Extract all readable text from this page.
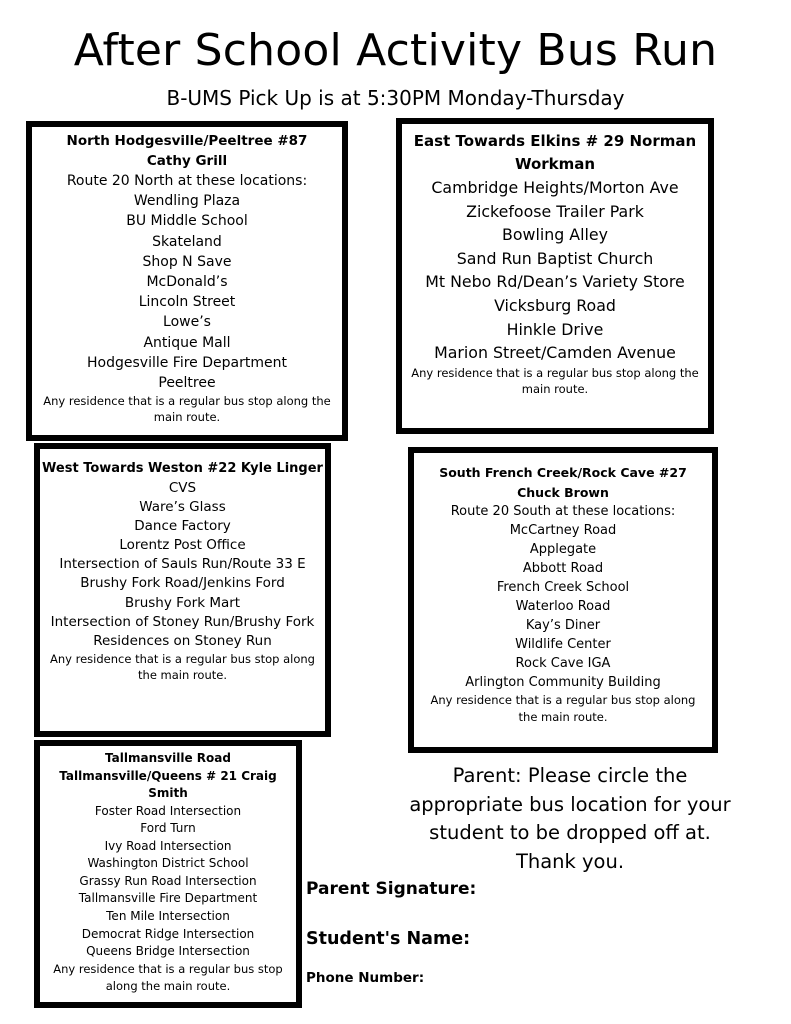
After School Activity Bus Run
B-UMS Pick Up is at 5:30PM Monday-Thursday
North Hodgesville/Peeltree #87 Cathy Grill
Route 20 North at these locations:
Wendling Plaza
BU Middle School
Skateland
Shop N Save
McDonald’s
Lincoln Street
Lowe’s
Antique Mall
Hodgesville Fire Department
Peeltree
Any residence that is a regular bus stop along the main route.
East Towards Elkins # 29 Norman Workman
Cambridge Heights/Morton Ave
Zickefoose Trailer Park
Bowling Alley
Sand Run Baptist Church
Mt Nebo Rd/Dean’s Variety Store
Vicksburg Road
Hinkle Drive
Marion Street/Camden Avenue
Any residence that is a regular bus stop along the main route.
West Towards Weston #22 Kyle Linger
CVS
Ware’s Glass
Dance Factory
Lorentz Post Office
Intersection of Sauls Run/Route 33 E
Brushy Fork Road/Jenkins Ford
Brushy Fork Mart
Intersection of Stoney Run/Brushy Fork
Residences on Stoney Run
Any residence that is a regular bus stop along the main route.
South French Creek/Rock Cave #27 Chuck Brown
Route 20 South at these locations:
McCartney Road
Applegate
Abbott Road
French Creek School
Waterloo Road
Kay’s Diner
Wildlife Center
Rock Cave IGA
Arlington Community Building
Any residence that is a regular bus stop along the main route.
Tallmansville Road Tallmansville/Queens # 21 Craig Smith
Foster Road Intersection
Ford Turn
Ivy Road Intersection
Washington District School
Grassy Run Road Intersection
Tallmansville Fire Department
Ten Mile Intersection
Democrat Ridge Intersection
Queens Bridge Intersection
Any residence that is a regular bus stop along the main route.
Parent: Please circle the appropriate bus location for your student to be dropped off at. Thank you.
Parent Signature:
Student's Name:
Phone Number:
